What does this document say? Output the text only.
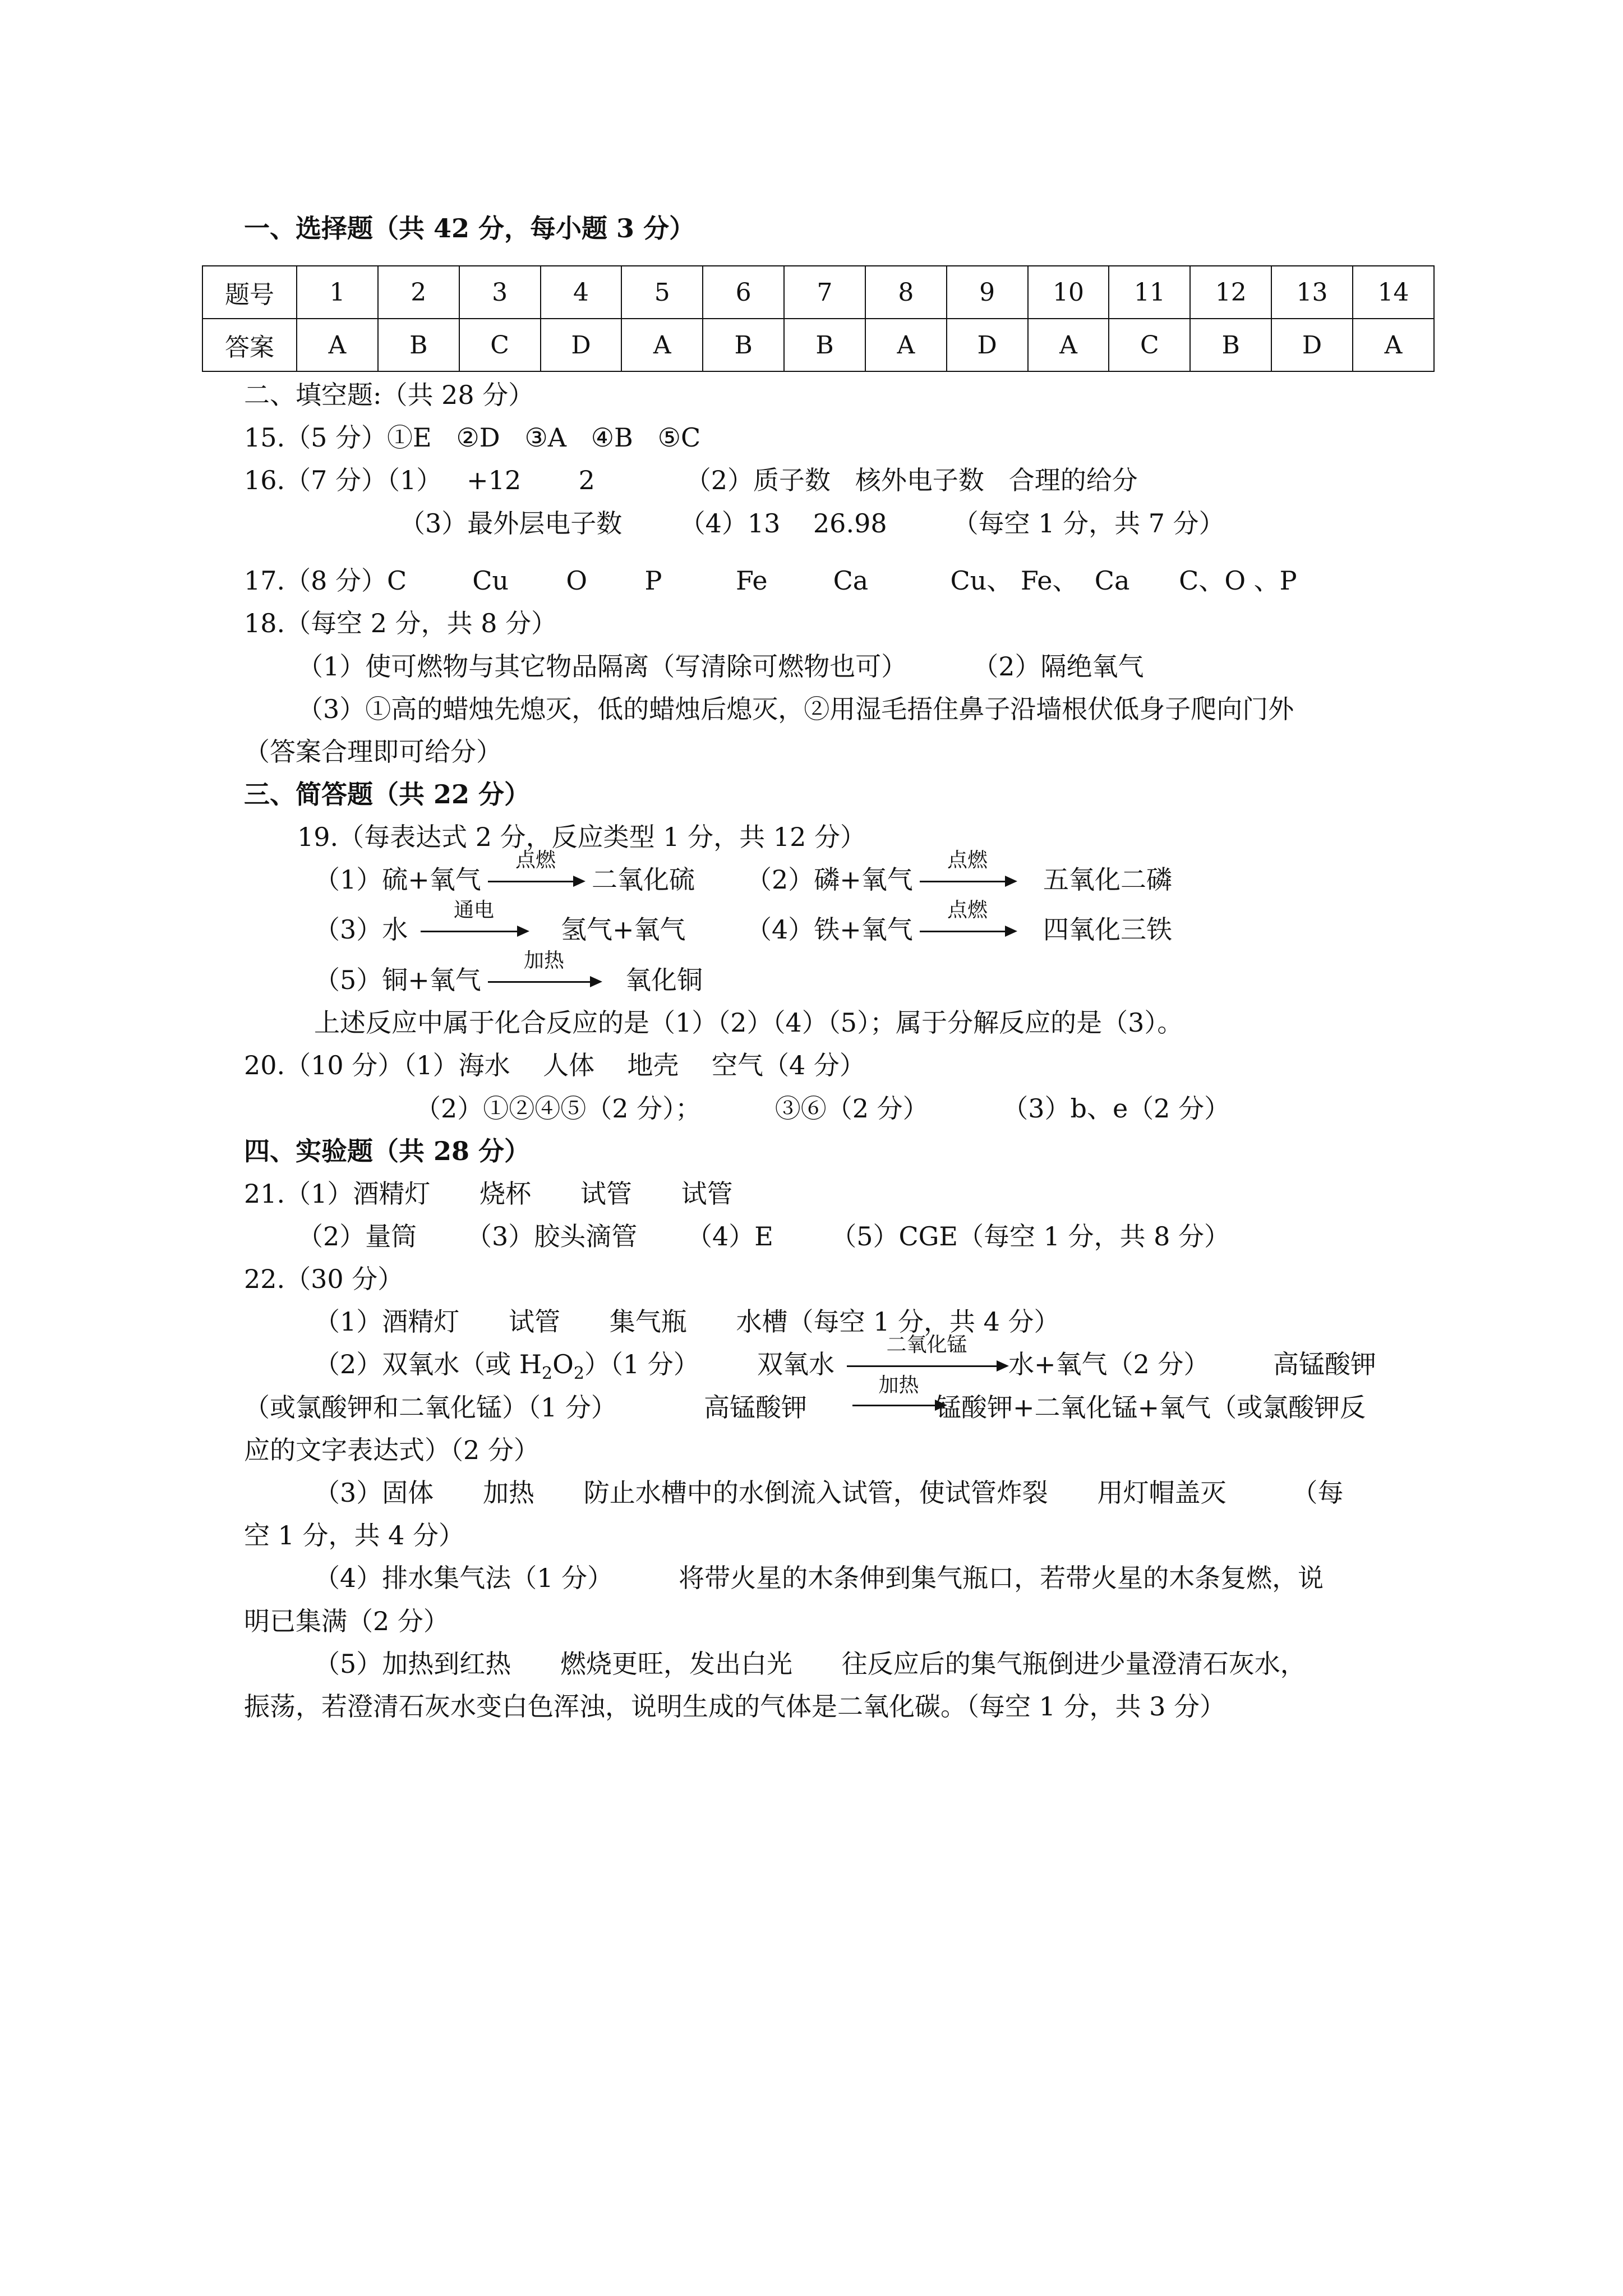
一、选择题（共 42 分，每小题 3 分）
题号	1	2	3	4	5	6	7	8	9	10	11	12	13	14
答案	A	B	C	D	A	B	B	A	D	A	C	B	D	A
二、填空题:（共 28 分）
15.（5 分）①E   ②D   ③A   ④B   ⑤C
16.（7 分）（1）   +12       2           （2）质子数   核外电子数   合理的给分
（3）最外层电子数       （4）13    26.98        （每空 1 分，共 7 分）
17.（8 分）C        Cu       O       P         Fe        Ca          Cu、 Fe、  Ca      C、O 、P
18.（每空 2 分，共 8 分）
（1）使可燃物与其它物品隔离（写清除可燃物也可）        （2）隔绝氧气
（3）①高的蜡烛先熄灭，低的蜡烛后熄灭，②用湿毛捂住鼻子沿墙根伏低身子爬向门外
（答案合理即可给分）
三、简答题（共 22 分）
19.（每表达式 2 分，反应类型 1 分，共 12 分）
（1）硫+氧气
点燃
二氧化硫 （2）磷+氧气
点燃
五氧化二磷
（3）水
通电
氢气+氧气 （4）铁+氧气
点燃
四氧化三铁
（5）铜+氧气
加热
氧化铜
上述反应中属于化合反应的是（1）（2）（4）（5）；属于分解反应的是（3）。
20.（10 分）（1）海水    人体    地壳    空气（4 分）
（2）①②④⑤（2 分）；         ③⑥（2 分）         （3）b、e（2 分）
四、实验题（共 28 分）
21.（1）酒精灯      烧杯      试管      试管
（2）量筒      （3）胶头滴管      （4）E       （5）CGE（每空 1 分，共 8 分）
22.（30 分）
（1）酒精灯      试管      集气瓶      水槽（每空 1 分，共 4 分）
（2）双氧水（或 $H_2O_2)(1$ 分） 双氧水
二氧化锰
水+氧气（2 分） 高锰酸钾
（或氯酸钾和二氧化锰）（1 分）	高锰酸钾
加热
锰酸钾+二氧化锰+氧气（或氯酸钾反
应的文字表达式）（2 分）
（3）固体      加热      防止水槽中的水倒流入试管，使试管炸裂      用灯帽盖灭        （每
空 1 分，共 4 分）
（4）排水集气法（1 分）        将带火星的木条伸到集气瓶口，若带火星的木条复燃，说
明已集满（2 分）
（5）加热到红热      燃烧更旺，发出白光      往反应后的集气瓶倒进少量澄清石灰水，
振荡，若澄清石灰水变白色浑浊，说明生成的气体是二氧化碳。（每空 1 分，共 3 分）
